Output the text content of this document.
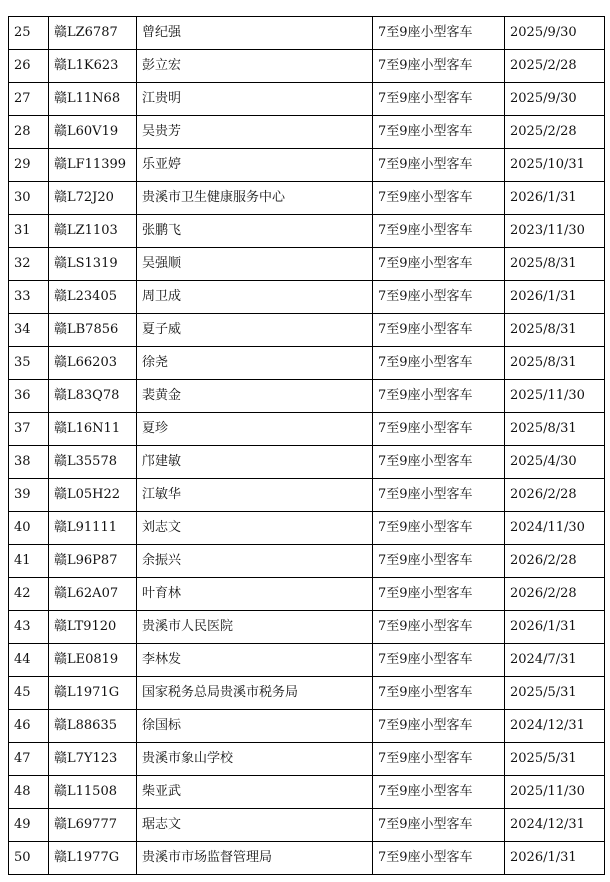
25	赣LZ6787	曾纪强	7至9座小型客车	2025/9/30
26	赣L1K623	彭立宏	7至9座小型客车	2025/2/28
27	赣L11N68	江贵明	7至9座小型客车	2025/9/30
28	赣L60V19	吴贵芳	7至9座小型客车	2025/2/28
29	赣LF11399	乐亚婷	7至9座小型客车	2025/10/31
30	赣L72J20	贵溪市卫生健康服务中心	7至9座小型客车	2026/1/31
31	赣LZ1103	张鹏飞	7至9座小型客车	2023/11/30
32	赣LS1319	吴强顺	7至9座小型客车	2025/8/31
33	赣L23405	周卫成	7至9座小型客车	2026/1/31
34	赣LB7856	夏子威	7至9座小型客车	2025/8/31
35	赣L66203	徐尧	7至9座小型客车	2025/8/31
36	赣L83Q78	裴黄金	7至9座小型客车	2025/11/30
37	赣L16N11	夏珍	7至9座小型客车	2025/8/31
38	赣L35578	邝建敏	7至9座小型客车	2025/4/30
39	赣L05H22	江敏华	7至9座小型客车	2026/2/28
40	赣L91111	刘志文	7至9座小型客车	2024/11/30
41	赣L96P87	余振兴	7至9座小型客车	2026/2/28
42	赣L62A07	叶育林	7至9座小型客车	2026/2/28
43	赣LT9120	贵溪市人民医院	7至9座小型客车	2026/1/31
44	赣LE0819	李林发	7至9座小型客车	2024/7/31
45	赣L1971G	国家税务总局贵溪市税务局	7至9座小型客车	2025/5/31
46	赣L88635	徐国标	7至9座小型客车	2024/12/31
47	赣L7Y123	贵溪市象山学校	7至9座小型客车	2025/5/31
48	赣L11508	柴亚武	7至9座小型客车	2025/11/30
49	赣L69777	琚志文	7至9座小型客车	2024/12/31
50	赣L1977G	贵溪市市场监督管理局	7至9座小型客车	2026/1/31
